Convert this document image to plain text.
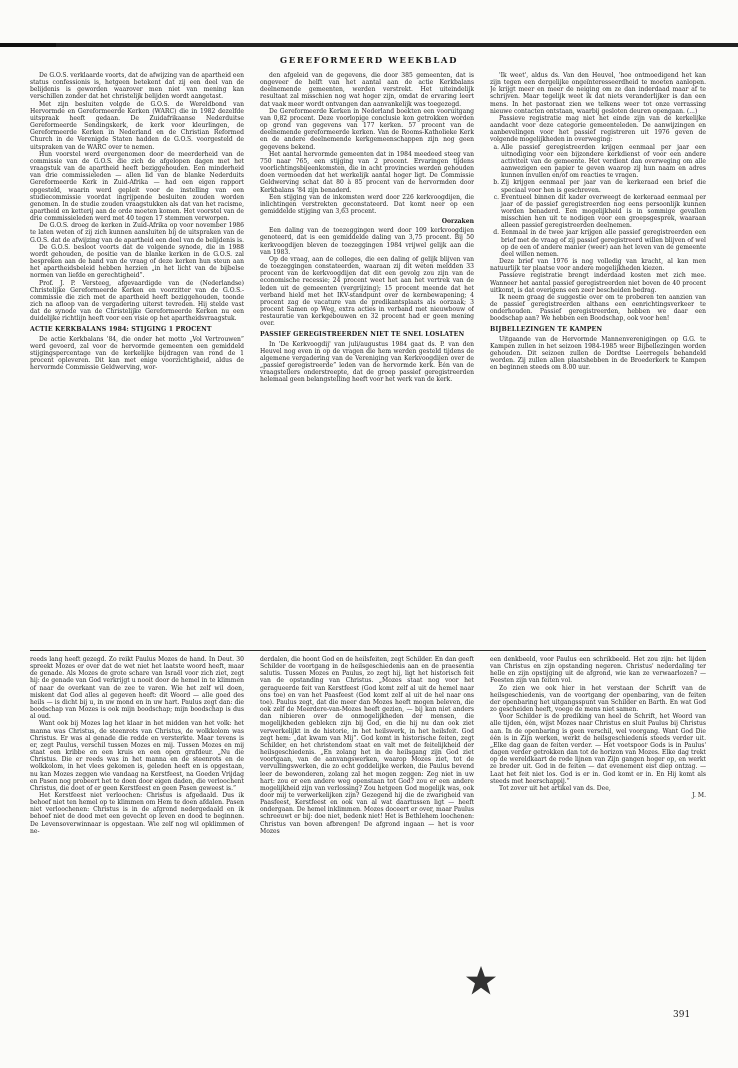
GEREFORMEERD WEEKBLAD

De G.O.S. verklaarde voorts, dat de afwijzing van de apartheid een status confessionis is, hetgeen betekent dat zij een deel van de belijdenis is geworden waarover men niet van mening kan verschillen zonder dat het christelijk belijden wordt aangetast.

Met zijn besluiten volgde de G.O.S. de Wereldbond van Hervormde en Gereformeerde Kerken (WARC) die in 1982 dezelfde uitspraak heeft gedaan. De Zuidafrikaanse Nederduitse Gereformeerde Sendingskerk, de kerk voor kleurlingen, de Gereformeerde Kerken in Nederland en de Christian Reformed Church in de Verenigde Staten hadden de G.O.S. voorgesteld de uitspraken van de WARC over te nemen.

Hun voorstel werd overgenomen door de meerderheid van de commissie van de G.O.S. die zich de afgelopen dagen met het vraagstuk van de apartheid heeft beziggehouden. Een minderheid van drie commissieleden — allen lid van de blanke Nederduits Gereformeerde Kerk in Zuid-Afrika — had een eigen rapport opgesteld, waarin werd gepleit voor de instelling van een studiecommissie voordat ingrijpende besluiten zouden worden genomen. In de studie zouden vraagstukken als dat van het racisme, apartheid en ketterij aan de orde moeten komen. Het voorstel van de drie commissieleden werd met 40 tegen 17 stemmen verworpen.

De G.O.S. droeg de kerken in Zuid-Afrika op voor november 1986 te laten weten of zij zich kunnen aansluiten bij de uitspraken van de G.O.S. dat de afwijzing van de apartheid een deel van de belijdenis is.

De G.O.S. besloot voorts dat de volgende synode, die in 1988 wordt gehouden, de positie van de blanke kerken in de G.O.S. zal bespreken aan de hand van de vraag of deze kerken hun steun aan het apartheidsbeleid hebben herzien „in het licht van de bijbelse normen van liefde en gerechtigheid”.

Prof. J. P. Versteeg, afgevaardigde van de (Nederlandse) Christelijke Gereformeerde Kerken en voorzitter van de G.O.S.-commissie die zich met de apartheid heeft beziggehouden, toonde zich na afloop van de vergadering uiterst tevreden. Hij stelde vast dat de synode van de Christelijke Gereformeerde Kerken nu een duidelijke richtlijn heeft voor een visie op het apartheidsvraagstuk.

ACTIE KERKBALANS 1984: STIJGING 1 PROCENT

De actie Kerkbalans '84, die onder het motto „Vol Vertrouwen” werd gevoerd, zal voor de hervormde gemeenten een gemiddeld stijgingspercentage van de kerkelijke bijdragen van rond de 1 procent opleveren. Dit kan met enige voorzichtigheid, aldus de hervormde Commissie Geldwerving, wor-

den afgeleid van de gegevens, die door 385 gemeenten, dat is ongeveer de helft van het aantal aan de actie Kerkbalans deelnemende gemeenten, werden verstrekt. Het uiteindelijk resultaat zal misschien nog wat hoger zijn, omdat de ervaring leert dat vaak meer wordt ontvangen dan aanvankelijk was toegezegd.

De Gereformeerde Kerken in Nederland boekten een vooruitgang van 0,82 procent. Deze voorlopige conclusie kon getrokken worden op grond van gegevens van 177 kerken. 57 procent van de deelnemende gereformeerde kerken. Van de Rooms-Katholieke Kerk en de andere deelnemende kerkgemeenschappen zijn nog geen gegevens bekend.

Het aantal hervormde gemeenten dat in 1984 meedeed steeg van 750 naar 765, een stijging van 2 procent. Ervaringen tijdens voorlichtingsbijeenkomsten, die in acht provincies werden gehouden doen vermoeden dat het werkelijk aantal hoger ligt. De Commissie Geldwerving schat dat 80 à 85 procent van de hervormden door Kerkbalans '84 zijn benaderd.

Een stijging van de inkomsten werd door 226 kerkvoogdijen, die inlichtingen verstrekten geconstateerd. Dat komt neer op een gemiddelde stijging van 3,63 procent.

Oorzaken

Een daling van de toezeggingen werd door 109 kerkvoogdijen genoteerd, dat is een gemiddelde daling van 3,75 procent. Bij 50 kerkvoogdijen bleven de toezeggingen 1984 vrijwel gelijk aan die van 1983.

Op de vraag, aan de colleges, die een daling of gelijk blijven van de toezeggingen constateerden, waaraan zij dit weten meldden 33 procent van de kerkvoogdijen dat dit een gevolg zou zijn van de economische recessie; 24 procent weet het aan het vertrek van de leden uit de gemeenten (vergrijzing); 15 procent meende dat het verband hield met het IKV-standpunt over de kernbewapening; 4 procent zag de vacature van de predikantsplaats als oorzaak; 3 procent Samen op Weg, extra acties in verband met nieuwbouw of restauratie van kerkgebouwen en 32 procent had er geen mening over.

PASSIEF GEREGISTREERDEN NIET TE SNEL LOSLATEN

In 'De Kerkvoogdij' van juli/augustus 1984 gaat ds. P. van den Heuvel nog even in op de vragen die hem werden gesteld tijdens de algemene vergadering van de Vereniging van Kerkvoogdijen over de „passief geregistreerde” leden van de hervormde kerk. Eén van de vraagstellers onderstreepte, dat de groep passief geregistreerden helemaal geen belangstelling heeft voor het werk van de kerk.

'Ik weet', aldus ds. Van den Heuvel, 'hoe ontmoedigend het kan zijn tegen een dergelijke ongeïnteresseerdheid te moeten aanlopen. Je krijgt meer en meer de neiging om ze dan inderdaad maar af te schrijven. Maar tegelijk weet ik dat niets veranderlijker is dan een mens. In het pastoraat zien we telkens weer tot onze verrassing nieuwe contacten ontstaan, waarbij gesloten deuren opengaan. (...)

Passieve registratie mag niet het einde zijn van de kerkelijke aandacht voor deze categorie gemeenteleden. De aanwijzingen en aanbevelingen voor het passief registreren uit 1976 geven de volgende mogelijkheden in overweging:

a. Alle passief geregistreerden krijgen eenmaal per jaar een uitnodiging voor een bijzondere kerkdienst of voor een andere activiteit van de gemeente. Het verdient dan overweging om alle aanwezigen een papier te geven waarop zij hun naam en adres kunnen invullen en/of om reacties te vragen.
b. Zij krijgen eenmaal per jaar van de kerkeraad een brief die speciaal voor hen is geschreven.
c. Eventueel binnen dit kader overweegt de kerkeraad eenmaal per jaar of de passief geregistreerden nog eens persoonlijk kunnen worden benaderd. Een mogelijkheid is in sommige gevallen misschien hen uit te nodigen voor een groepsgesprek, waaraan alleen passief geregistreerden deelnemen.
d. Eenmaal in de twee jaar krijgen alle passief geregistreerden een brief met de vraag of zij passief geregistreerd willen blijven of wel op de een of andere manier (weer) aan het leven van de gemeente deel willen nemen.

Deze brief van 1976 is nog volledig van kracht, al kan men natuurlijk ter plaatse voor andere mogelijkheden kiezen.

Passieve registratie brengt inderdaad kosten met zich mee. Wanneer het aantal passief geregistreerden niet boven de 40 procent uitkomt, is dat overigens een zeer bescheiden bedrag.

Ik neem graag de suggestie over om te proberen ten aanzien van de passief geregistreerden althans een eenrichtingsverkeer te onderhouden. Passief geregistreerden, hebben we daar een boodschap aan? We hebben een Boodschap, ook voor hen!

BIJBELLEZINGEN TE KAMPEN

Uitgaande van de Hervormde Mannenverenigingen op G.G. te Kampen zullen in het seizoen 1984-1985 weer Bijbellezingen worden gehouden. Dit seizoen zullen de Dordtse Leerregels behandeld worden. Zij zullen allen plaatshebben in de Broederkerk te Kampen en beginnen steeds om 8.00 uur.

reeds lang heeft gezegd. Zo reikt Paulus Mozes de hand. In Deut. 30 spreekt Mozes er over dat de wet niet het laatste woord heeft, maar de genade. Als Mozes de grote schare van Israël voor zich ziet, zegt hij: de genade van God verkrijgt u nooit door de hemel in te klimmen of naar de overkant van de zee te varen. Wie het zelf wil doen, miskent dat God alles al gegeven heeft: dit Woord — alle goed des heils — is dicht bij u, in uw mond en in uw hart. Paulus zegt dan: die boodschap van Mozes is ook mijn boodschap; mijn boodschap is dus al oud.

Want ook bij Mozes lag het klaar in het midden van het volk: het manna was Christus, de steenrots van Christus, de wolkkolom was Christus. Er was al genade die redde en versterkte. Maar tevens is er, zegt Paulus, verschil tussen Mozes en mij. Tussen Mozes en mij staat een kribbe en een kruis en een open grafdeur. „Nu die Christus. Die er reeds was in het manna en de steenrots en de wolkkolom, in het vlees gekomen is, geleden heeft en is opgestaan, nu kan Mozes zeggen wie vandaag na Kerstfeest, na Goeden Vrijdag en Pasen nog probeert het te doen door eigen daden, die verloochent Christus, die doet of er geen Kerstfeest en geen Pasen geweest is.”

Het Kerstfeest niet verloochen: Christus is afgedaald. Dus ik behoef niet ten hemel op te klimmen om Hem te doen afdalen. Pasen niet verloochenen: Christus is in de afgrond nedergedaald en ik behoef niet de dood met een gevecht op leven en dood te beginnen. De Levensoverwinnaar is opgestaan. Wie zelf nog wil opklimmen of ne-

derdalen, die hoont God en de heilsfeiten, zegt Schilder. En dan geeft Schilder de voortgang in de heilsgeschiedenis aan en de praesentia salutis. Tussen Mozes en Paulus, zo zegt hij, ligt het historisch feit van de opstanding van Christus. „Mozes staat nog voor het geragueerde feit van Kerstfeest (God komt zelf al uit de hemel naar ons toe) en van het Paasfeest (God komt zelf al uit de hel naar ons toe). Paulus zegt, dat die meer dan Mozes heeft mogen beleven, die ook zelf de Meerdere-van-Mozes heeft gezien, — bij kan niet anders dan nibieren over de onmogelijkheden der mensen, die mogelijkheden geblekcn zijn bij God, en die hij nu dan ook ziet verwerkelijkt in de historie, in het heilswerk, in het heilsfeit. God zegt hem: „dat kwam van Mij”. God komt in historische feiten, zegt Schilder, en het christendom staat en valt met de feitelijkheid der heilsgeschiedenis. „En zolang het in de heilsgang zijn God ziet voortgaan, van de aanvangswerken, waarop Mozes ziet, tot de vervullingswerken, die zo echt goddelijke werken, die Paulus bevend leer de bewonderen, zolang zal het mogen zeggen: Zeg niet in uw hart: zou er een andere weg openstaan tot God? zou er een andere mogelijkheid zijn van verlossing? Zou hetgeen God mogelijk was, ook door mij te verwerkelijken zijn? Gezegend hij die de zwarigheid van Paasfeest, Kerstfeest en ook van al wat daartussen ligt — heeft ondergaan. De hemel inklimmen. Mozes doceert er over, maar Paulus schreeuwt er bij: doe niet, bedenk niet! Het is Bethlehem loochenen: Christus van boven afbrengen! De afgrond ingaan — het is voor Mozes

een denkbeeld, voor Paulus een schrikbeeld. Het zou zijn: het lijden van Christus en zijn opstanding negeren. Christus' nederdaling ter helle en zijn opstijging uit de afgrond, wie kan ze verwaarlozen? — Feesten zijn van feiten vol.

Zo zien we ook hier in het verstaan der Schrift van de heilsgeschiedenis, van de voortgang der openbaring, van de feiten der openbaring het uitgangsspunt van Schilder en Barth. En wat God zo gescheiden heeft, voege de mens niet samen.

Voor Schilder is de prediking van heel de Schrift, het Woord van alle tijden, één, wijst Mozes naar Christus en sluit Paulus bij Christus aan. In de openbaring is geen verschil, wel voorgang. Want God Die één is in Zijn werken, werkt de heilsgeschiedenis steeds verder uit. „Elke dag gaan de feiten verder. — Het voetspoor Gods is in Paulus' dagen verder getrokken dan tot de horizon van Mozes. Elke dag trekt op de wereldkaart de rode lijnen van Zijn gangen hoger op, en werkt ze breder uit. God in de feiten — dat evenement eist diep ontzag. — Laat het feit niet los. God is er in. God komt er in. En Hij komt als steeds met heerschappij.”

Tot zover uit het artikel van ds. Dee,

J. M.
391
